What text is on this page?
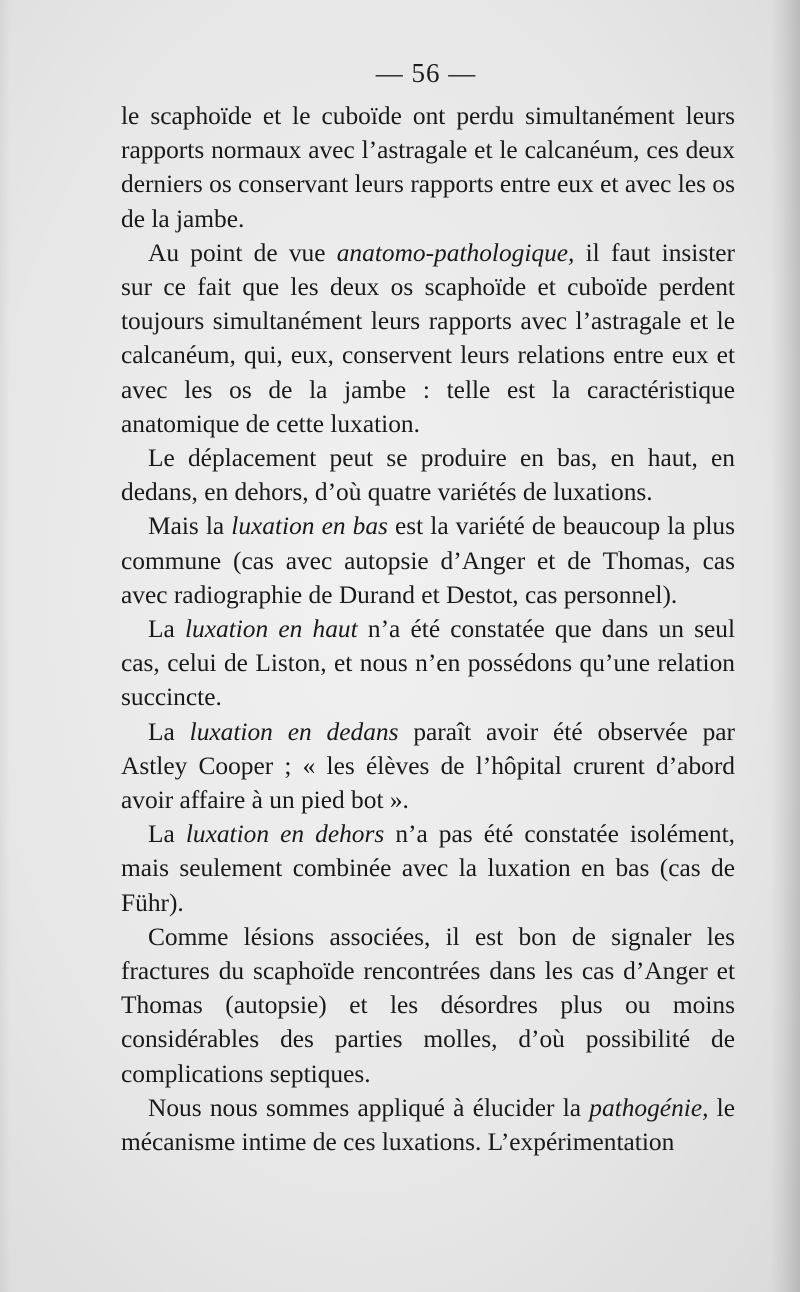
— 56 —

le scaphoïde et le cuboïde ont perdu simultanément leurs rapports normaux avec l’astragale et le calcanéum, ces deux derniers os conservant leurs rapports entre eux et avec les os de la jambe.

Au point de vue anatomo-pathologique, il faut insister sur ce fait que les deux os scaphoïde et cuboïde perdent toujours simultanément leurs rapports avec l’astragale et le calcanéum, qui, eux, conservent leurs relations entre eux et avec les os de la jambe : telle est la caractéristique anatomique de cette luxation.

Le déplacement peut se produire en bas, en haut, en dedans, en dehors, d’où quatre variétés de luxations.

Mais la luxation en bas est la variété de beaucoup la plus commune (cas avec autopsie d’Anger et de Thomas, cas avec radiographie de Durand et Destot, cas personnel).

La luxation en haut n’a été constatée que dans un seul cas, celui de Liston, et nous n’en possédons qu’une relation succincte.

La luxation en dedans paraît avoir été observée par Astley Cooper ; « les élèves de l’hôpital crurent d’abord avoir affaire à un pied bot ».

La luxation en dehors n’a pas été constatée isolément, mais seulement combinée avec la luxation en bas (cas de Führ).

Comme lésions associées, il est bon de signaler les fractures du scaphoïde rencontrées dans les cas d’Anger et Thomas (autopsie) et les désordres plus ou moins considérables des parties molles, d’où possibilité de complications septiques.

Nous nous sommes appliqué à élucider la pathogénie, le mécanisme intime de ces luxations. L’expérimentation
